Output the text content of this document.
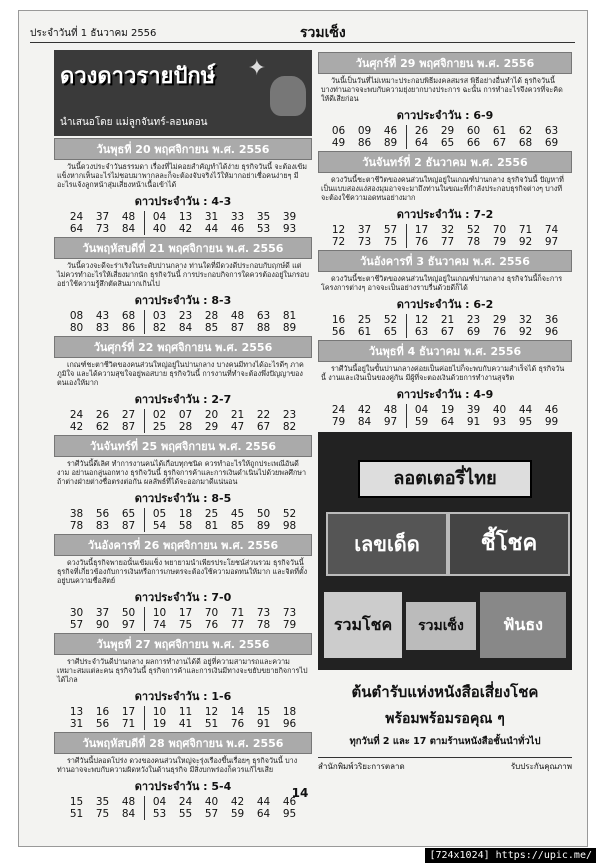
ประจำวันที่ 1 ธันวาคม 2556	รวมเซ็ง
ดวงดาวรายปักษ์ ✦
นำเสนอโดย แม่ลูกจันทร์-ลอนดอน
วันพุธที่ 20 พฤศจิกายน พ.ศ. 2556
วันนี้ดวงประจำวันธรรมดา เรื่องที่ไม่คอยสำคัญทำได้ง่าย ธุรกิจวันนี้ จะต้องเข้มแข็งหากเห็นอะไรไม่ชอบมาพากลละก็จะต้องจับจริงไว้ให้มากอย่าเชื่อคนง่ายๆ มีอะไรแจ้งลูกหน้าสุ่มเสี่ยงหน้าเนื้อเข้าได้
ดาวประจำวัน : 4-3
24	37	48	04	13	31	33	35	39
64	73	84	40	42	44	46	53	93
วันพฤหัสบดีที่ 21 พฤศจิกายน พ.ศ. 2556
วันนี้ดวงจะดีจะร่าเริงในระดับปานกลาง ท่านใดที่มีดวงดีประกอบกับฤกษ์ดี แต่ไม่ควรทำอะไรให้เสี่ยงมากนัก ธุรกิจวันนี้ การประกอบกิจการใดควรต้องอยู่ในกรอบ อย่าใช้ความรู้สึกตัดสินมากเกินไป
ดาวประจำวัน : 8-3
08	43	68	03	23	28	48	63	81
80	83	86	82	84	85	87	88	89
วันศุกร์ที่ 22 พฤศจิกายน พ.ศ. 2556
เกณฑ์ชะตาชีวิตของคนส่วนใหญ่อยู่ในปานกลาง บางคนมีทางได้อะไรดีๆ ภาคภูมิใจ และได้ความสุขใจอยู่พอสบาย ธุรกิจวันนี้ การงานที่ทำจะต้องพึ่งปัญญาของตนเองให้มาก
ดาวประจำวัน : 2-7
24	26	27	02	07	20	21	22	23
42	62	87	25	28	29	47	67	82
วันจันทร์ที่ 25 พฤศจิกายน พ.ศ. 2556
ราศีวันนี้ดีเลิศ ทำการงานคนได้เกือบทุกชนิด ควรทำอะไรให้ถูกประเพณีอันดีงาม อย่านอกลู่นอกทาง ธุรกิจวันนี้ ธุรกิจการค้าและการเงินดำเนินไปด้วยพลศึกษา ถ้าต่างฝ่ายต่างซื่อตรงต่อกัน ผลลัพธ์ที่ได้จะออกมาดีแน่นอน
ดาวประจำวัน : 8-5
38	56	65	05	18	25	45	50	52
78	83	87	54	58	81	85	89	98
วันอังคารที่ 26 พฤศจิกายน พ.ศ. 2556
ดวงวันนี้ธุรกิจพายอนั้นเข้มแข็ง พยายามนำเพียรประโยชน์ส่วนรวม ธุรกิจวันนี้ ธุรกิจที่เกี่ยวข้องกับการเงินหรือการเกษตรจะต้องใช้ความอดทนให้มาก และจิตที่ตั้งอยู่บนความซื่อสัตย์
ดาวประจำวัน : 7-0
30	37	50	10	17	70	71	73	73
57	90	97	74	75	76	77	78	79
วันพุธที่ 27 พฤศจิกายน พ.ศ. 2556
ราศีประจำวันดีปานกลาง ผลการทำงานได้ดี อยู่ที่ความสามารถและความเหมาะสมแต่ละคน ธุรกิจวันนี้ ธุรกิจการค้าและการเงินมีทางจะขยับขยายกิจการไปได้ไกล
ดาวประจำวัน : 1-6
13	16	17	10	11	12	14	15	18
31	56	71	19	41	51	76	91	96
วันพฤหัสบดีที่ 28 พฤศจิกายน พ.ศ. 2556
ราศีวันนี้ปลอดโปร่ง ดวงของคนส่วนใหญ่จะรุ่งเรืองขึ้นเรื่อยๆ ธุรกิจวันนี้ บางท่านอาจจะพบกับความผิดหวังในด้านธุรกิจ มีสิ่งบกพร่องก็ควรแก้ไขเสีย
ดาวประจำวัน : 5-4
15	35	48	04	24	40	42	44	46
51	75	84	53	55	57	59	64	95
วันศุกร์ที่ 29 พฤศจิกายน พ.ศ. 2556
วันนี้เป็นวันที่ไม่เหมาะประกอบพิธีมงคลสมรส พิธีอย่างอื่นทำได้ ธุรกิจวันนี้ บางท่านอาจจะพบกับความยุ่งยากบางประการ ฉะนั้น การทำอะไรจึงควรที่จะคิดให้ดีเสียก่อน
ดาวประจำวัน : 6-9
06	09	46	26	29	60	61	62	63
49	86	89	64	65	66	67	68	69
วันจันทร์ที่ 2 ธันวาคม พ.ศ. 2556
ดวงวันนี้ชะตาชีวิตของคนส่วนใหญ่อยู่ในเกณฑ์ปานกลาง ธุรกิจวันนี้ ปัญหาที่เป็นแบบสองแง่สองมุมอาจจะมาถึงท่านในขณะที่กำลังประกอบธุรกิจต่างๆ บางทีจะต้องใช้ความอดทนอย่างมาก
ดาวประจำวัน : 7-2
12	37	57	17	32	52	70	71	74
72	73	75	76	77	78	79	92	97
วันอังคารที่ 3 ธันวาคม พ.ศ. 2556
ดวงวันนี้ชะตาชีวิตของคนส่วนใหญ่อยู่ในเกณฑ์ปานกลาง ธุรกิจวันนี้ก็จะการโครงการต่างๆ อาจจะเป็นอย่างราบรื่นด้วยดีก็ได้
ดาวประจำวัน : 6-2
16	25	52	12	21	23	29	32	36
56	61	65	63	67	69	76	92	96
วันพุธที่ 4 ธันวาคม พ.ศ. 2556
ราศีวันนี้อยู่ในขั้นปานกลางค่อยเป็นค่อยไปก็จะพบกับความสำเร็จได้ ธุรกิจวันนี้ งานและเงินเป็นของคู่กัน มีผู้ที่จะตองเงินด้วยการทำงานสุจริต
ดาวประจำวัน : 4-9
24	42	48	04	19	39	40	44	46
79	84	97	59	64	91	93	95	99
ลอตเตอรี่ไทย
เลขเด็ด	ชี้โชค
รวมโชค	รวมเซ็ง	ฟันธง
ต้นตำรับแห่งหนังสือเสี่ยงโชค
พร้อมพร้อมรอคุณ ๆ
ทุกวันที่ 2 และ 17 ตามร้านหนังสือชั้นนำทั่วไป
สำนักพิมพ์วริยะการตลาด	รับประกันคุณภาพ
14
[724x1024] https://upic.me/
